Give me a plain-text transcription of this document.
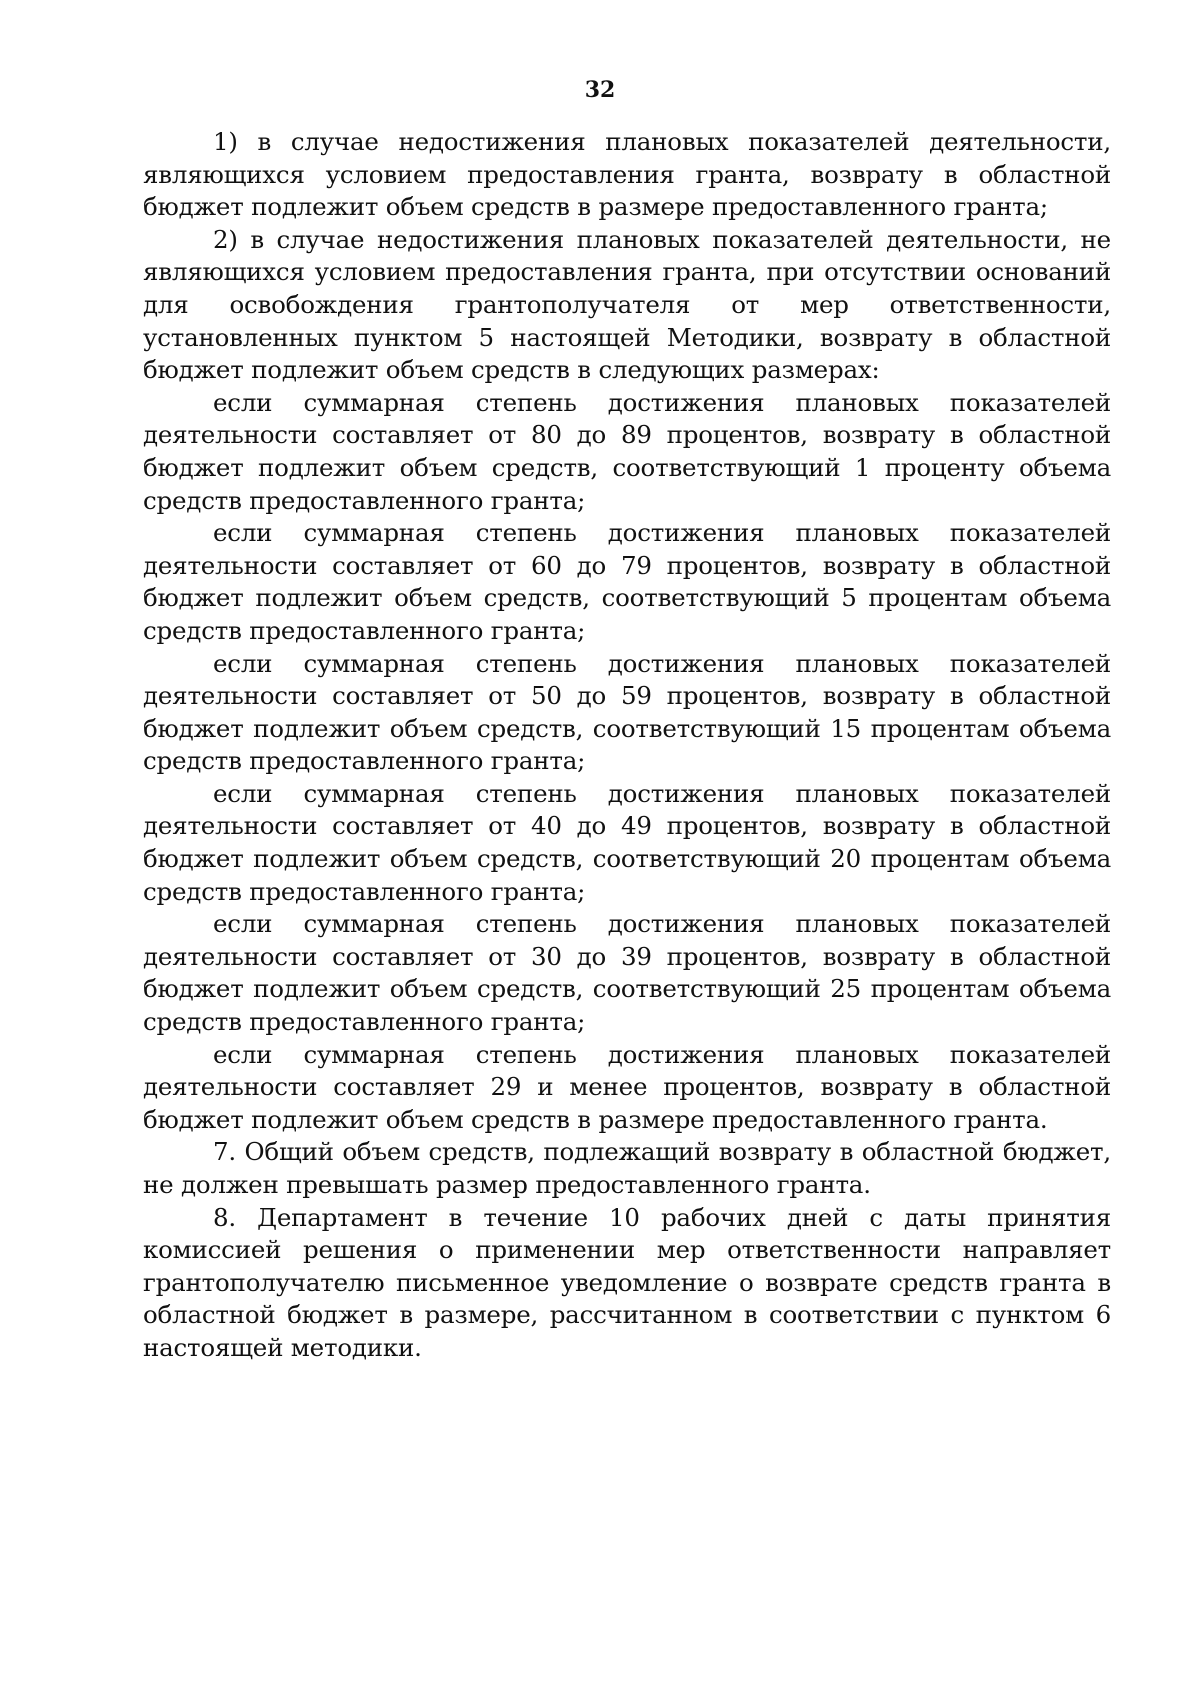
32

1) в случае недостижения плановых показателей деятельности, являющихся условием предоставления гранта, возврату в областной бюджет подлежит объем средств в размере предоставленного гранта;

2) в случае недостижения плановых показателей деятельности, не являющихся условием предоставления гранта, при отсутствии оснований для освобождения грантополучателя от мер ответственности, установленных пунктом 5 настоящей Методики, возврату в областной бюджет подлежит объем средств в следующих размерах:

если суммарная степень достижения плановых показателей деятельности составляет от 80 до 89 процентов, возврату в областной бюджет подлежит объем средств, соответствующий 1 проценту объема средств предоставленного гранта;

если суммарная степень достижения плановых показателей деятельности составляет от 60 до 79 процентов, возврату в областной бюджет подлежит объем средств, соответствующий 5 процентам объема средств предоставленного гранта;

если суммарная степень достижения плановых показателей деятельности составляет от 50 до 59 процентов, возврату в областной бюджет подлежит объем средств, соответствующий 15 процентам объема средств предоставленного гранта;

если суммарная степень достижения плановых показателей деятельности составляет от 40 до 49 процентов, возврату в областной бюджет подлежит объем средств, соответствующий 20 процентам объема средств предоставленного гранта;

если суммарная степень достижения плановых показателей деятельности составляет от 30 до 39 процентов, возврату в областной бюджет подлежит объем средств, соответствующий 25 процентам объема средств предоставленного гранта;

если суммарная степень достижения плановых показателей деятельности составляет 29 и менее процентов, возврату в областной бюджет подлежит объем средств в размере предоставленного гранта.

7. Общий объем средств, подлежащий возврату в областной бюджет, не должен превышать размер предоставленного гранта.

8. Департамент в течение 10 рабочих дней с даты принятия комиссией решения о применении мер ответственности направляет грантополучателю письменное уведомление о возврате средств гранта в областной бюджет в размере, рассчитанном в соответствии с пунктом 6 настоящей методики.
